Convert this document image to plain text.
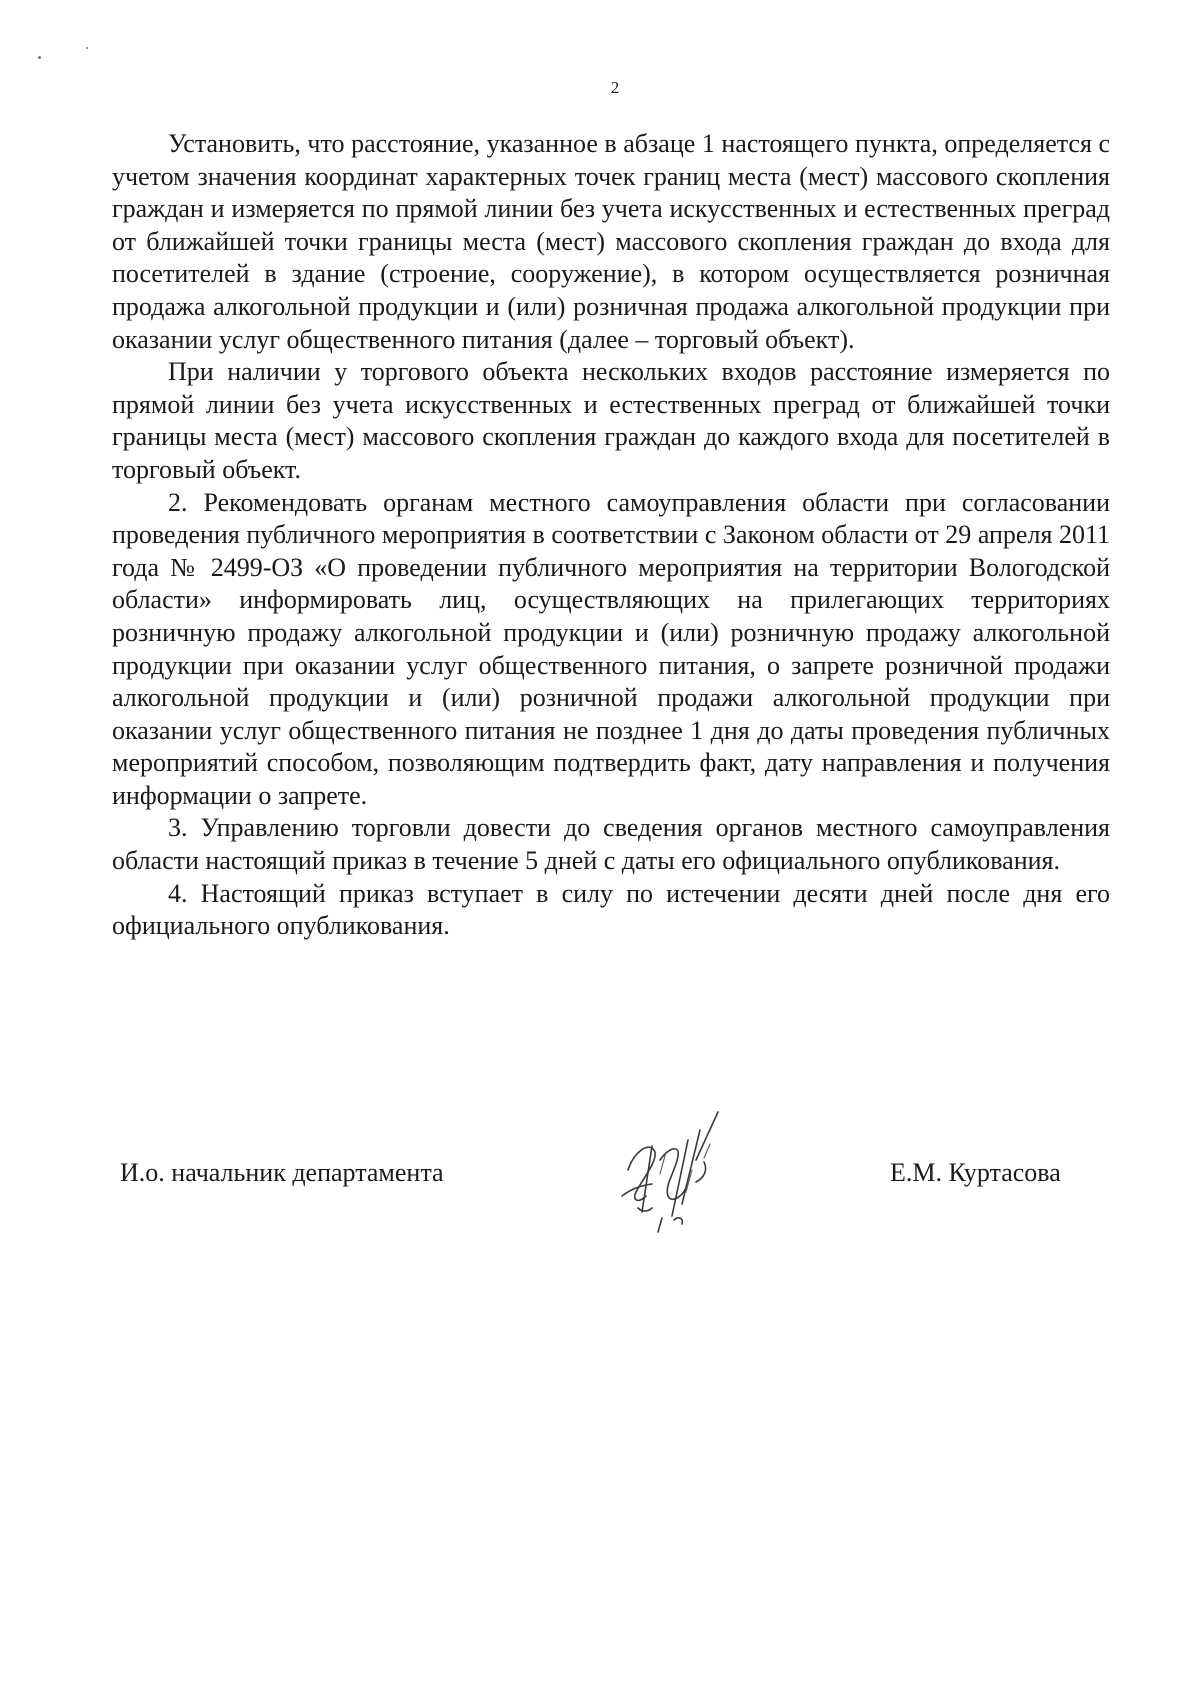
2

Установить, что расстояние, указанное в абзаце 1 настоящего пункта, определяется с учетом значения координат характерных точек границ места (мест) массового скопления граждан и измеряется по прямой линии без учета искусственных и естественных преград от ближайшей точки границы места (мест) массового скопления граждан до входа для посетителей в здание (строение, сооружение), в котором осуществляется розничная продажа алкогольной продукции и (или) розничная продажа алкогольной продукции при оказании услуг общественного питания (далее – торговый объект).

При наличии у торгового объекта нескольких входов расстояние измеряется по прямой линии без учета искусственных и естественных преград от ближайшей точки границы места (мест) массового скопления граждан до каждого входа для посетителей в торговый объект.

2. Рекомендовать органам местного самоуправления области при согласовании проведения публичного мероприятия в соответствии с Законом области от 29 апреля 2011 года № 2499-ОЗ «О проведении публичного мероприятия на территории Вологодской области» информировать лиц, осуществляющих на прилегающих территориях розничную продажу алкогольной продукции и (или) розничную продажу алкогольной продукции при оказании услуг общественного питания, о запрете розничной продажи алкогольной продукции и (или) розничной продажи алкогольной продукции при оказании услуг общественного питания не позднее 1 дня до даты проведения публичных мероприятий способом, позволяющим подтвердить факт, дату направления и получения информации о запрете.

3. Управлению торговли довести до сведения органов местного самоуправления области настоящий приказ в течение 5 дней с даты его официального опубликования.

4. Настоящий приказ вступает в силу по истечении десяти дней после дня его официального опубликования.

И.о. начальник департамента	Е.М. Куртасова
